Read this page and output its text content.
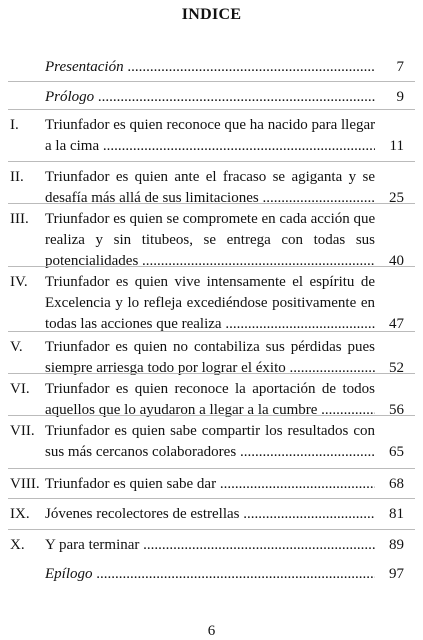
INDICE
Presentación .....	7
Prólogo .....	9
I. Triunfador es quien reconoce que ha nacido para llegar
a la cima .....	11
II. Triunfador es quien ante el fracaso se agiganta y se
desafía más allá de sus limitaciones .....	25
III. Triunfador es quien se compromete en cada acción que
realiza y sin titubeos, se entrega con todas sus
potencialidades .....	40
IV. Triunfador es quien vive intensamente el espíritu de
Excelencia y lo refleja excediéndose positivamente en
todas las acciones que realiza .....	47
V. Triunfador es quien no contabiliza sus pérdidas pues
siempre arriesga todo por lograr el éxito .....	52
VI. Triunfador es quien reconoce la aportación de todos
aquellos que lo ayudaron a llegar a la cumbre .....	56
VII. Triunfador es quien sabe compartir los resultados con
sus más cercanos colaboradores .....	65
VIII. Triunfador es quien sabe dar .....	68
IX. Jóvenes recolectores de estrellas .....	81
X. Y para terminar .....	89
Epílogo .....	97
6
